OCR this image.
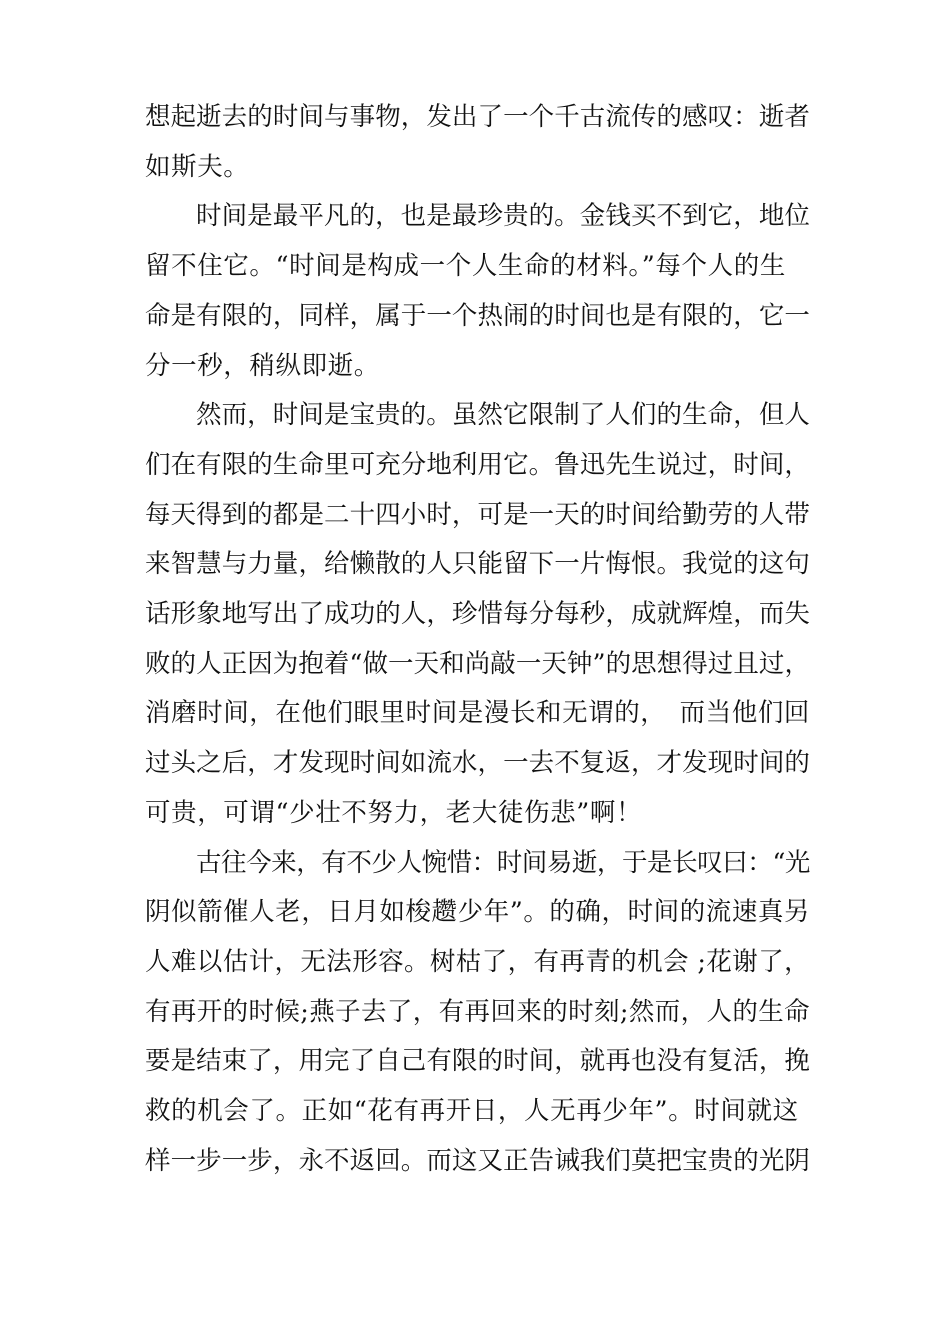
想起逝去的时间与事物，发出了一个千古流传的感叹：逝者
如斯夫。

时间是最平凡的，也是最珍贵的。金钱买不到它，地位
留不住它。“时间是构成一个人生命的材料。”每个人的生
命是有限的，同样，属于一个热闹的时间也是有限的，它一
分一秒，稍纵即逝。

然而，时间是宝贵的。虽然它限制了人们的生命，但人
们在有限的生命里可充分地利用它。鲁迅先生说过，时间，
每天得到的都是二十四小时，可是一天的时间给勤劳的人带
来智慧与力量，给懒散的人只能留下一片悔恨。我觉的这句
话形象地写出了成功的人，珍惜每分每秒，成就辉煌，而失
败的人正因为抱着“做一天和尚敲一天钟”的思想得过且过，
消磨时间，在他们眼里时间是漫长和无谓的，　而当他们回
过头之后，才发现时间如流水，一去不复返，才发现时间的
可贵，可谓“少壮不努力，老大徒伤悲”啊！

古往今来，有不少人惋惜：时间易逝，于是长叹曰：“光
阴似箭催人老，日月如梭趱少年”。的确，时间的流速真另
人难以估计，无法形容。树枯了，有再青的机会 ;花谢了，
有再开的时候;燕子去了，有再回来的时刻;然而，人的生命
要是结束了，用完了自己有限的时间，就再也没有复活，挽
救的机会了。正如“花有再开日，人无再少年”。时间就这
样一步一步，永不返回。而这又正告诫我们莫把宝贵的光阴
